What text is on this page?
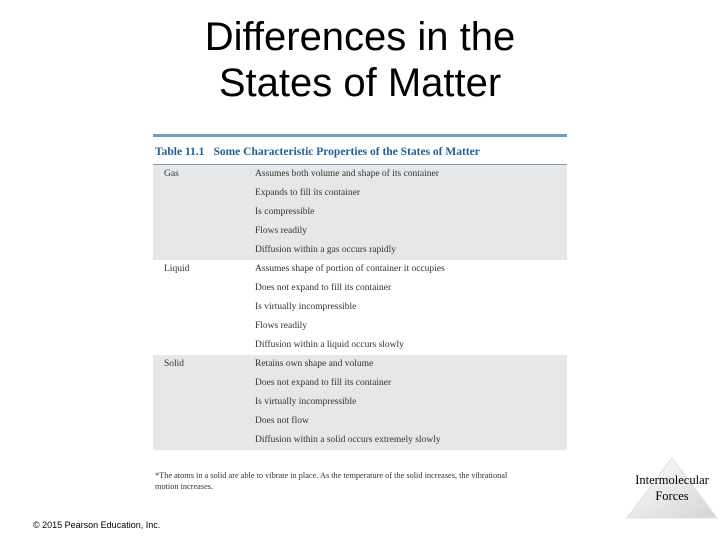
Differences in the
States of Matter
Table 11.1 Some Characteristic Properties of the States of Matter
Gas	Assumes both volume and shape of its container
Expands to fill its container
Is compressible
Flows readily
Diffusion within a gas occurs rapidly
Liquid	Assumes shape of portion of container it occupies
Does not expand to fill its container
Is virtually incompressible
Flows readily
Diffusion within a liquid occurs slowly
Solid	Retains own shape and volume
Does not expand to fill its container
Is virtually incompressible
Does not flow
Diffusion within a solid occurs extremely slowly
*The atoms in a solid are able to vibrate in place. As the temperature of the solid increases, the vibrational
motion increases.	Intermolecular
Forces
© 2015 Pearson Education, Inc.
